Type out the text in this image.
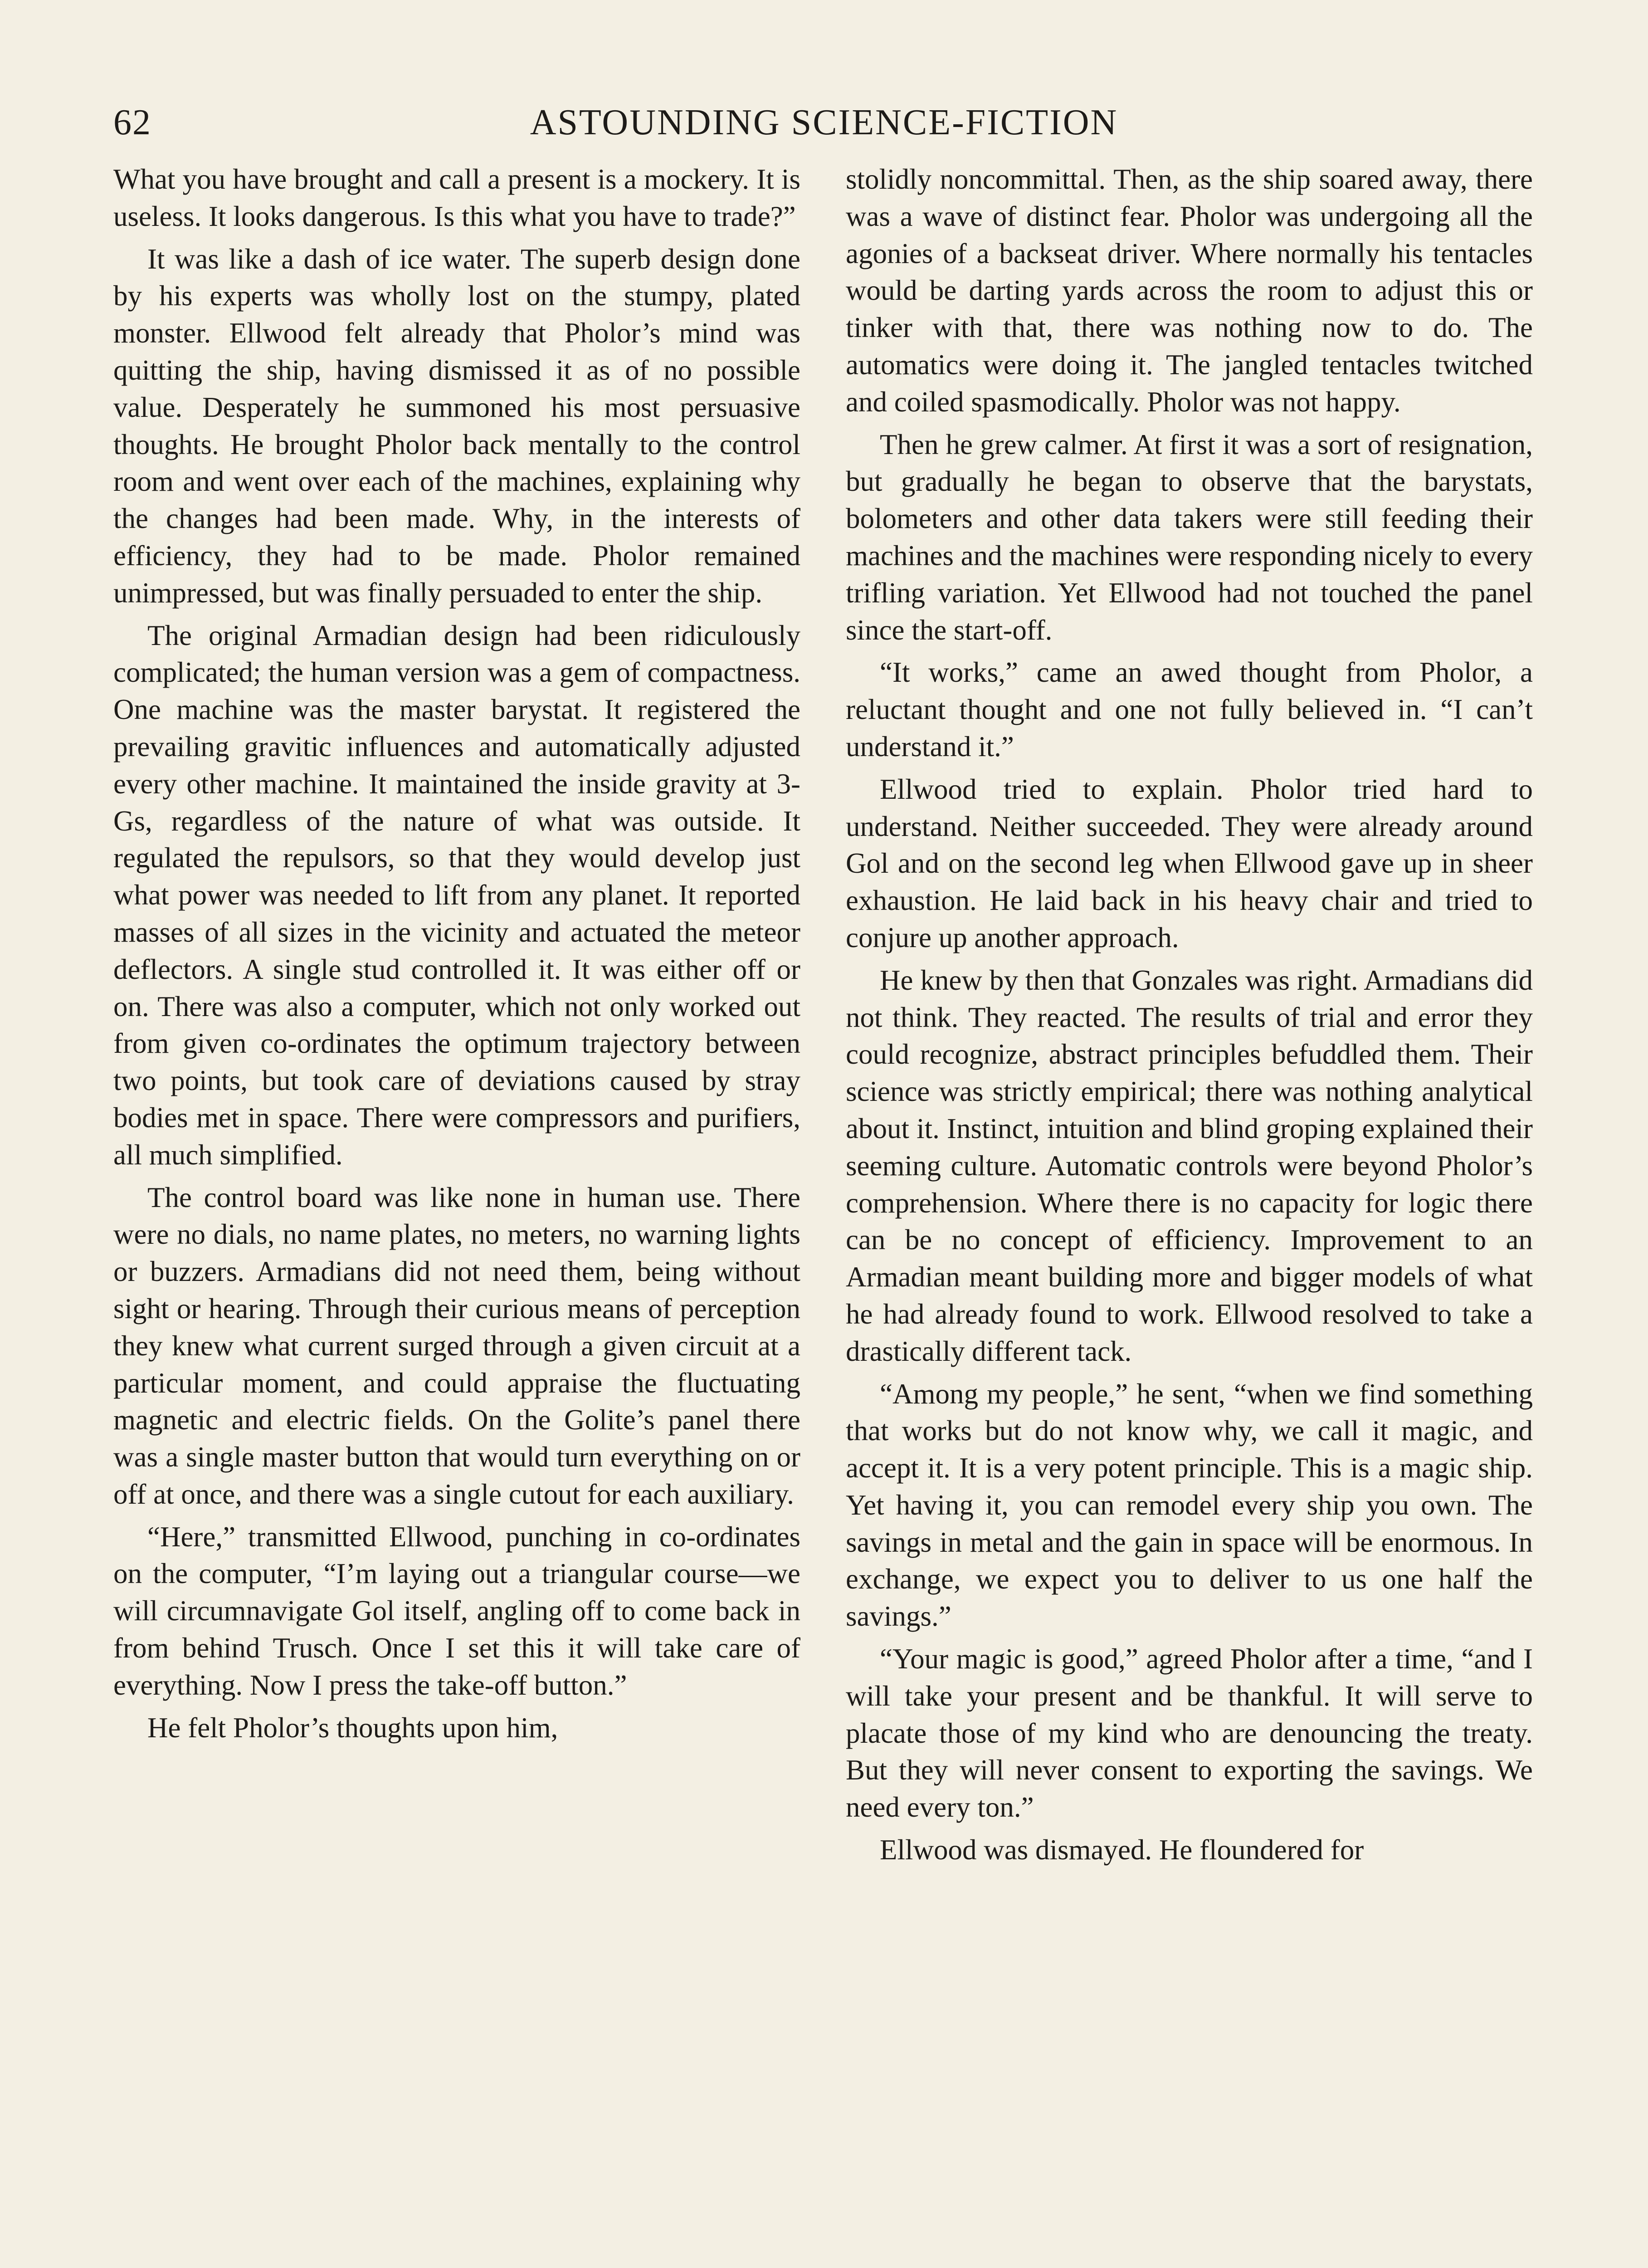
62	ASTOUNDING SCIENCE-FICTION

What you have brought and call a present is a mockery. It is useless. It looks dangerous. Is this what you have to trade?”

It was like a dash of ice water. The superb design done by his experts was wholly lost on the stumpy, plated monster. Ellwood felt already that Pholor’s mind was quitting the ship, having dismissed it as of no possible value. Desperately he summoned his most persuasive thoughts. He brought Pholor back mentally to the control room and went over each of the machines, explaining why the changes had been made. Why, in the interests of efficiency, they had to be made. Pholor remained unimpressed, but was finally persuaded to enter the ship.

The original Armadian design had been ridiculously complicated; the human version was a gem of compactness. One machine was the master barystat. It registered the prevailing gravitic influences and automatically adjusted every other machine. It maintained the inside gravity at 3-Gs, regardless of the nature of what was outside. It regulated the repulsors, so that they would develop just what power was needed to lift from any planet. It reported masses of all sizes in the vicinity and actuated the meteor deflectors. A single stud controlled it. It was either off or on. There was also a computer, which not only worked out from given co-ordinates the optimum trajectory between two points, but took care of deviations caused by stray bodies met in space. There were compressors and purifiers, all much simplified.

The control board was like none in human use. There were no dials, no name plates, no meters, no warning lights or buzzers. Armadians did not need them, being without sight or hearing. Through their curious means of perception they knew what current surged through a given circuit at a particular moment, and could appraise the fluctuating magnetic and electric fields. On the Golite’s panel there was a single master button that would turn everything on or off at once, and there was a single cutout for each auxiliary.

“Here,” transmitted Ellwood, punching in co-ordinates on the computer, “I’m laying out a triangular course—we will circumnavigate Gol itself, angling off to come back in from behind Trusch. Once I set this it will take care of everything. Now I press the take-off button.”

He felt Pholor’s thoughts upon him,

stolidly noncommittal. Then, as the ship soared away, there was a wave of distinct fear. Pholor was undergoing all the agonies of a backseat driver. Where normally his tentacles would be darting yards across the room to adjust this or tinker with that, there was nothing now to do. The automatics were doing it. The jangled tentacles twitched and coiled spasmodically. Pholor was not happy.

Then he grew calmer. At first it was a sort of resignation, but gradually he began to observe that the barystats, bolometers and other data takers were still feeding their machines and the machines were responding nicely to every trifling variation. Yet Ellwood had not touched the panel since the start-off.

“It works,” came an awed thought from Pholor, a reluctant thought and one not fully believed in. “I can’t understand it.”

Ellwood tried to explain. Pholor tried hard to understand. Neither succeeded. They were already around Gol and on the second leg when Ellwood gave up in sheer exhaustion. He laid back in his heavy chair and tried to conjure up another approach.

He knew by then that Gonzales was right. Armadians did not think. They reacted. The results of trial and error they could recognize, abstract principles befuddled them. Their science was strictly empirical; there was nothing analytical about it. Instinct, intuition and blind groping explained their seeming culture. Automatic controls were beyond Pholor’s comprehension. Where there is no capacity for logic there can be no concept of efficiency. Improvement to an Armadian meant building more and bigger models of what he had already found to work. Ellwood resolved to take a drastically different tack.

“Among my people,” he sent, “when we find something that works but do not know why, we call it magic, and accept it. It is a very potent principle. This is a magic ship. Yet having it, you can remodel every ship you own. The savings in metal and the gain in space will be enormous. In exchange, we expect you to deliver to us one half the savings.”

“Your magic is good,” agreed Pholor after a time, “and I will take your present and be thankful. It will serve to placate those of my kind who are denouncing the treaty. But they will never consent to exporting the savings. We need every ton.”

Ellwood was dismayed. He floundered for
